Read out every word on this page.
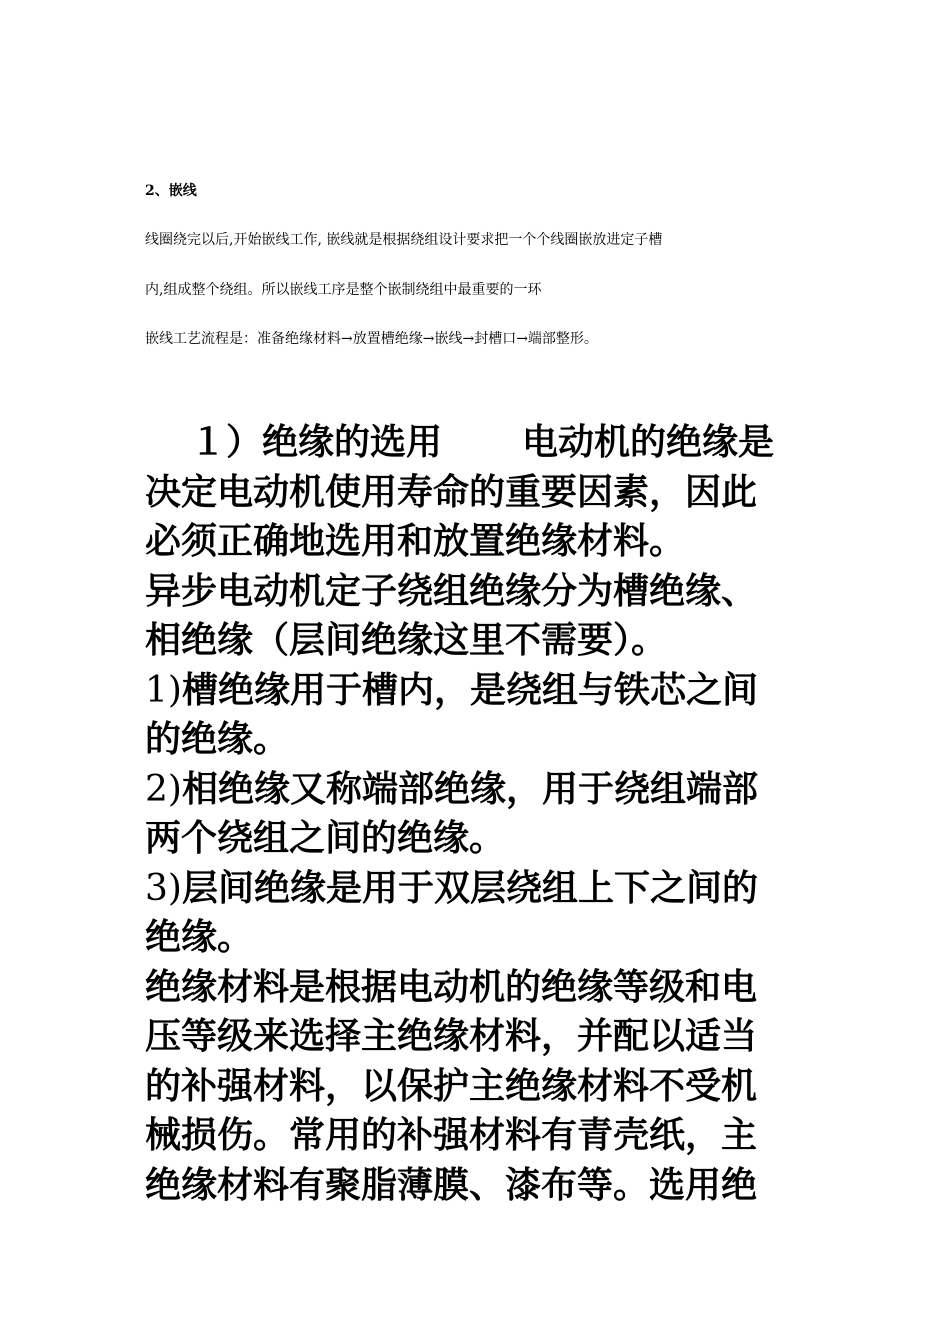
2、嵌线
线圈绕完以后,开始嵌线工作, 嵌线就是根据绕组设计要求把一个个线圈嵌放进定子槽
内,组成整个绕组。所以嵌线工序是整个嵌制绕组中最重要的一环
嵌线工艺流程是：准备绝缘材料→放置槽绝缘→嵌线→封槽口→端部整形。
１）绝缘的选用 电动机的绝缘是
决定电动机使用寿命的重要因素，因此
必须正确地选用和放置绝缘材料。
异步电动机定子绕组绝缘分为槽绝缘、
相绝缘（层间绝缘这里不需要）。
1)槽绝缘用于槽内，是绕组与铁芯之间
的绝缘。
2)相绝缘又称端部绝缘，用于绕组端部
两个绕组之间的绝缘。
3)层间绝缘是用于双层绕组上下之间的
绝缘。
绝缘材料是根据电动机的绝缘等级和电
压等级来选择主绝缘材料，并配以适当
的补强材料，以保护主绝缘材料不受机
械损伤。常用的补强材料有青壳纸，主
绝缘材料有聚脂薄膜、漆布等。选用绝
